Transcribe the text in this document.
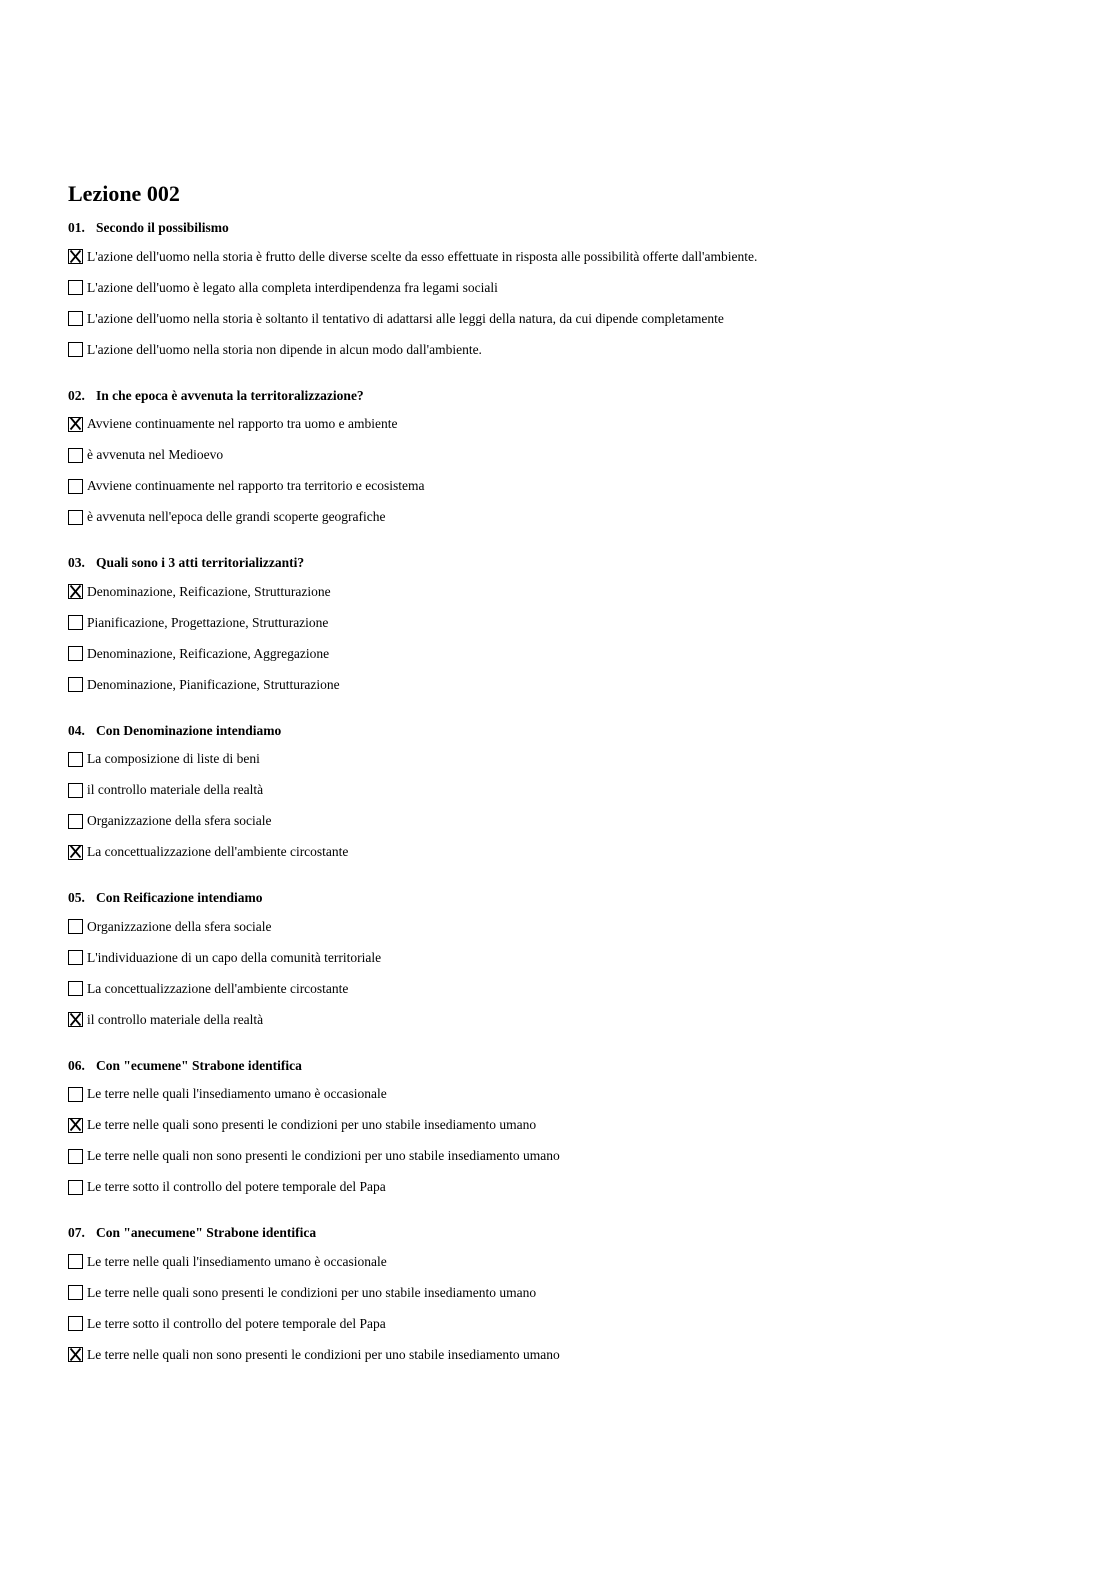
Lezione 002
01. Secondo il possibilismo
L'azione dell'uomo nella storia è frutto delle diverse scelte da esso effettuate in risposta alle possibilità offerte dall'ambiente.
L'azione dell'uomo è legato alla completa interdipendenza fra legami sociali
L'azione dell'uomo nella storia è soltanto il tentativo di adattarsi alle leggi della natura, da cui dipende completamente
L'azione dell'uomo nella storia non dipende in alcun modo dall'ambiente.
02. In che epoca è avvenuta la territoralizzazione?
Avviene continuamente nel rapporto tra uomo e ambiente
è avvenuta nel Medioevo
Avviene continuamente nel rapporto tra territorio e ecosistema
è avvenuta nell'epoca delle grandi scoperte geografiche
03. Quali sono i 3 atti territorializzanti?
Denominazione, Reificazione, Strutturazione
Pianificazione, Progettazione, Strutturazione
Denominazione, Reificazione, Aggregazione
Denominazione, Pianificazione, Strutturazione
04. Con Denominazione intendiamo
La composizione di liste di beni
il controllo materiale della realtà
Organizzazione della sfera sociale
La concettualizzazione dell'ambiente circostante
05. Con Reificazione intendiamo
Organizzazione della sfera sociale
L'individuazione di un capo della comunità territoriale
La concettualizzazione dell'ambiente circostante
il controllo materiale della realtà
06. Con "ecumene" Strabone identifica
Le terre nelle quali l'insediamento umano è occasionale
Le terre nelle quali sono presenti le condizioni per uno stabile insediamento umano
Le terre nelle quali non sono presenti le condizioni per uno stabile insediamento umano
Le terre sotto il controllo del potere temporale del Papa
07. Con "anecumene" Strabone identifica
Le terre nelle quali l'insediamento umano è occasionale
Le terre nelle quali sono presenti le condizioni per uno stabile insediamento umano
Le terre sotto il controllo del potere temporale del Papa
Le terre nelle quali non sono presenti le condizioni per uno stabile insediamento umano
